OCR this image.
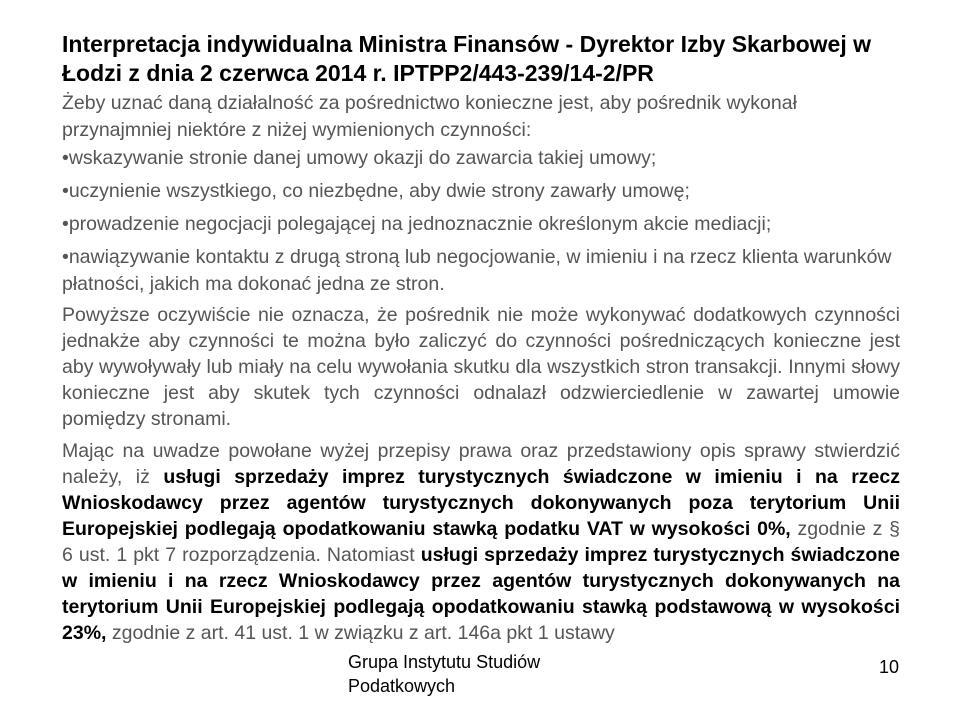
Interpretacja indywidualna Ministra Finansów - Dyrektor Izby Skarbowej w Łodzi z dnia 2 czerwca 2014 r. IPTPP2/443-239/14-2/PR
Żeby uznać daną działalność za pośrednictwo konieczne jest, aby pośrednik wykonał przynajmniej niektóre z niżej wymienionych czynności:
•wskazywanie stronie danej umowy okazji do zawarcia takiej umowy;
•uczynienie wszystkiego, co niezbędne, aby dwie strony zawarły umowę;
•prowadzenie negocjacji polegającej na jednoznacznie określonym akcie mediacji;
•nawiązywanie kontaktu z drugą stroną lub negocjowanie, w imieniu i na rzecz klienta warunków płatności, jakich ma dokonać jedna ze stron.
Powyższe oczywiście nie oznacza, że pośrednik nie może wykonywać dodatkowych czynności jednakże aby czynności te można było zaliczyć do czynności pośredniczących konieczne jest aby wywoływały lub miały na celu wywołania skutku dla wszystkich stron transakcji. Innymi słowy konieczne jest aby skutek tych czynności odnalazł odzwierciedlenie w zawartej umowie pomiędzy stronami.
Mając na uwadze powołane wyżej przepisy prawa oraz przedstawiony opis sprawy stwierdzić należy, iż usługi sprzedaży imprez turystycznych świadczone w imieniu i na rzecz Wnioskodawcy przez agentów turystycznych dokonywanych poza terytorium Unii Europejskiej podlegają opodatkowaniu stawką podatku VAT w wysokości 0%, zgodnie z § 6 ust. 1 pkt 7 rozporządzenia. Natomiast usługi sprzedaży imprez turystycznych świadczone w imieniu i na rzecz Wnioskodawcy przez agentów turystycznych dokonywanych na terytorium Unii Europejskiej podlegają opodatkowaniu stawką podstawową w wysokości 23%, zgodnie z art. 41 ust. 1 w związku z art. 146a pkt 1 ustawy
Grupa Instytutu Studiów
Podatkowych
10
